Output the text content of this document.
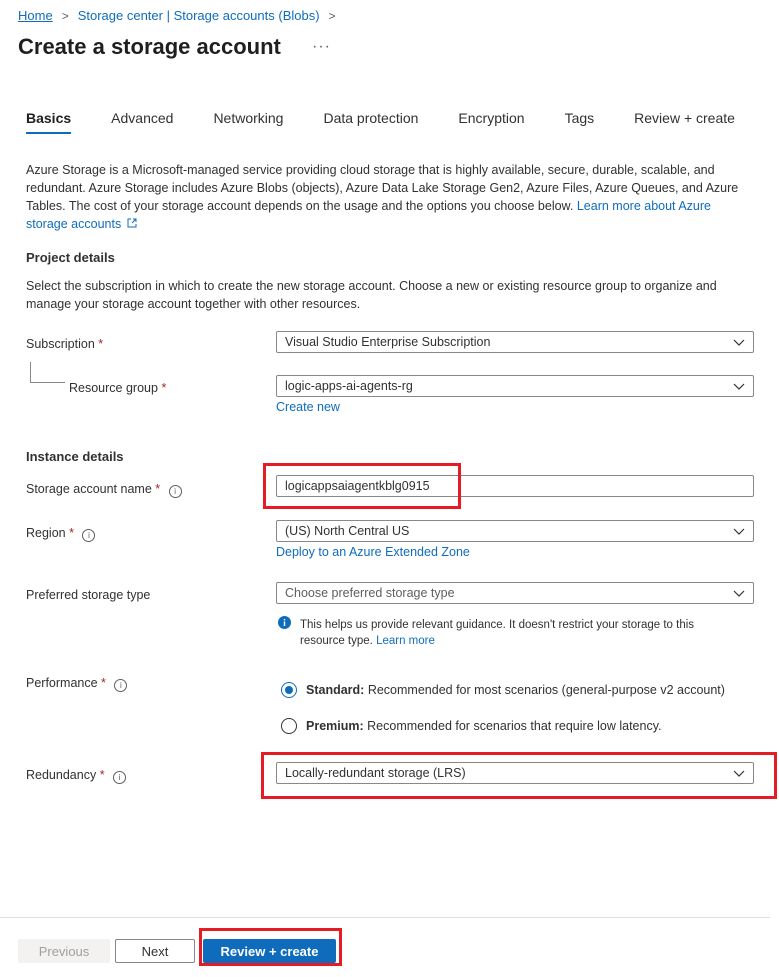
Home > Storage center | Storage accounts (Blobs) >
Create a storage account ···
Basics	Advanced	Networking	Data protection	Encryption	Tags	Review + create
Azure Storage is a Microsoft-managed service providing cloud storage that is highly available, secure, durable, scalable, and redundant. Azure Storage includes Azure Blobs (objects), Azure Data Lake Storage Gen2, Azure Files, Azure Queues, and Azure Tables. The cost of your storage account depends on the usage and the options you choose below. Learn more about Azure storage accounts
Project details
Select the subscription in which to create the new storage account. Choose a new or existing resource group to organize and manage your storage account together with other resources.
Subscription *	Visual Studio Enterprise Subscription
Resource group *	logic-apps-ai-agents-rg
Create new
Instance details
Storage account name * i	logicappsaiagentkblg0915
Region * i	(US) North Central US
Deploy to an Azure Extended Zone
Preferred storage type	Choose preferred storage type
This helps us provide relevant guidance. It doesn't restrict your storage to this resource type. Learn more
Performance * i	Standard: Recommended for most scenarios (general-purpose v2 account)
Premium: Recommended for scenarios that require low latency.
Redundancy * i	Locally-redundant storage (LRS)
Previous	Next	Review + create
